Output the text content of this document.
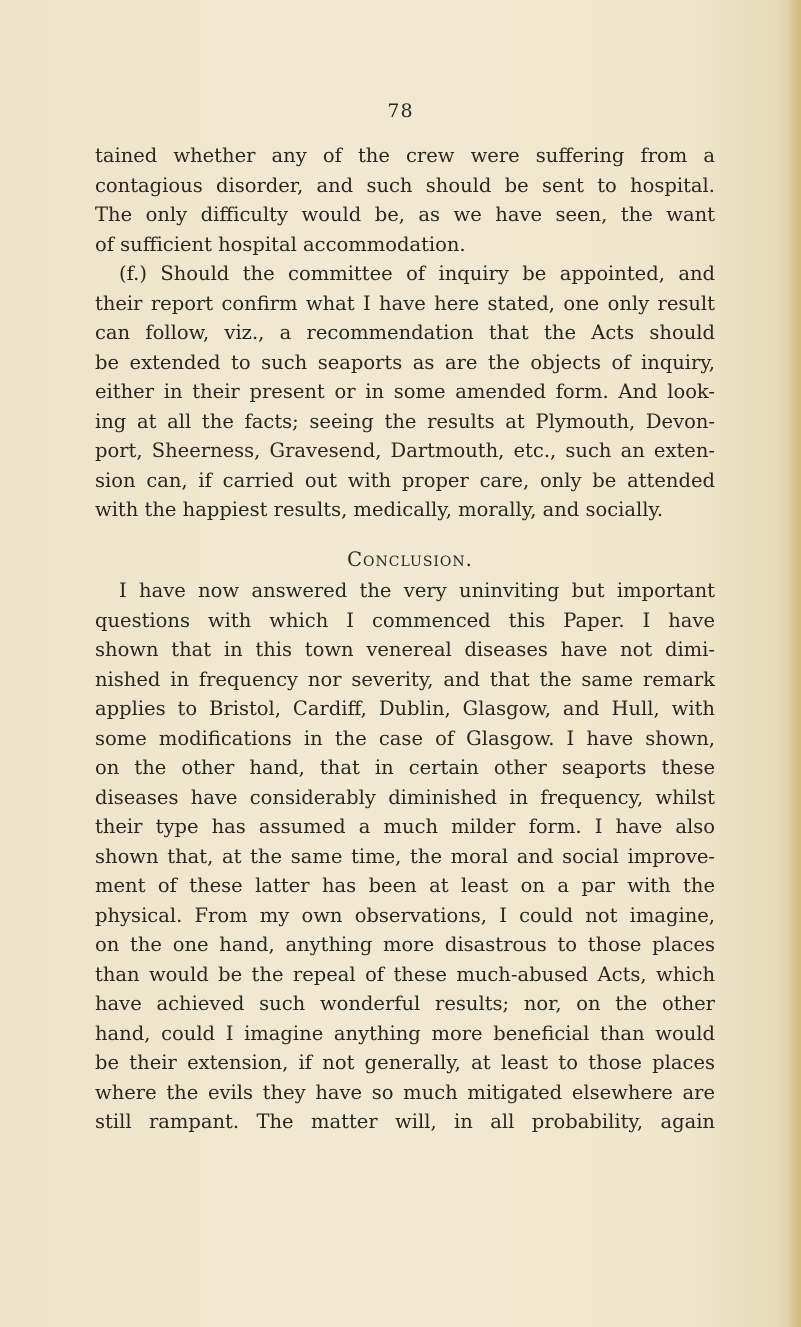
78
tained whether any of the crew were suffering from a
contagious disorder, and such should be sent to hospital.
The only difficulty would be, as we have seen, the want
of sufficient hospital accommodation.
(f.) Should the committee of inquiry be appointed, and
their report confirm what I have here stated, one only result
can follow, viz., a recommendation that the Acts should
be extended to such seaports as are the objects of inquiry,
either in their present or in some amended form. And look-
ing at all the facts; seeing the results at Plymouth, Devon-
port, Sheerness, Gravesend, Dartmouth, etc., such an exten-
sion can, if carried out with proper care, only be attended
with the happiest results, medically, morally, and socially.
Conclusion.
I have now answered the very uninviting but important
questions with which I commenced this Paper. I have
shown that in this town venereal diseases have not dimi-
nished in frequency nor severity, and that the same remark
applies to Bristol, Cardiff, Dublin, Glasgow, and Hull, with
some modifications in the case of Glasgow. I have shown,
on the other hand, that in certain other seaports these
diseases have considerably diminished in frequency, whilst
their type has assumed a much milder form. I have also
shown that, at the same time, the moral and social improve-
ment of these latter has been at least on a par with the
physical. From my own observations, I could not imagine,
on the one hand, anything more disastrous to those places
than would be the repeal of these much-abused Acts, which
have achieved such wonderful results; nor, on the other
hand, could I imagine anything more beneficial than would
be their extension, if not generally, at least to those places
where the evils they have so much mitigated elsewhere are
still rampant. The matter will, in all probability, again
